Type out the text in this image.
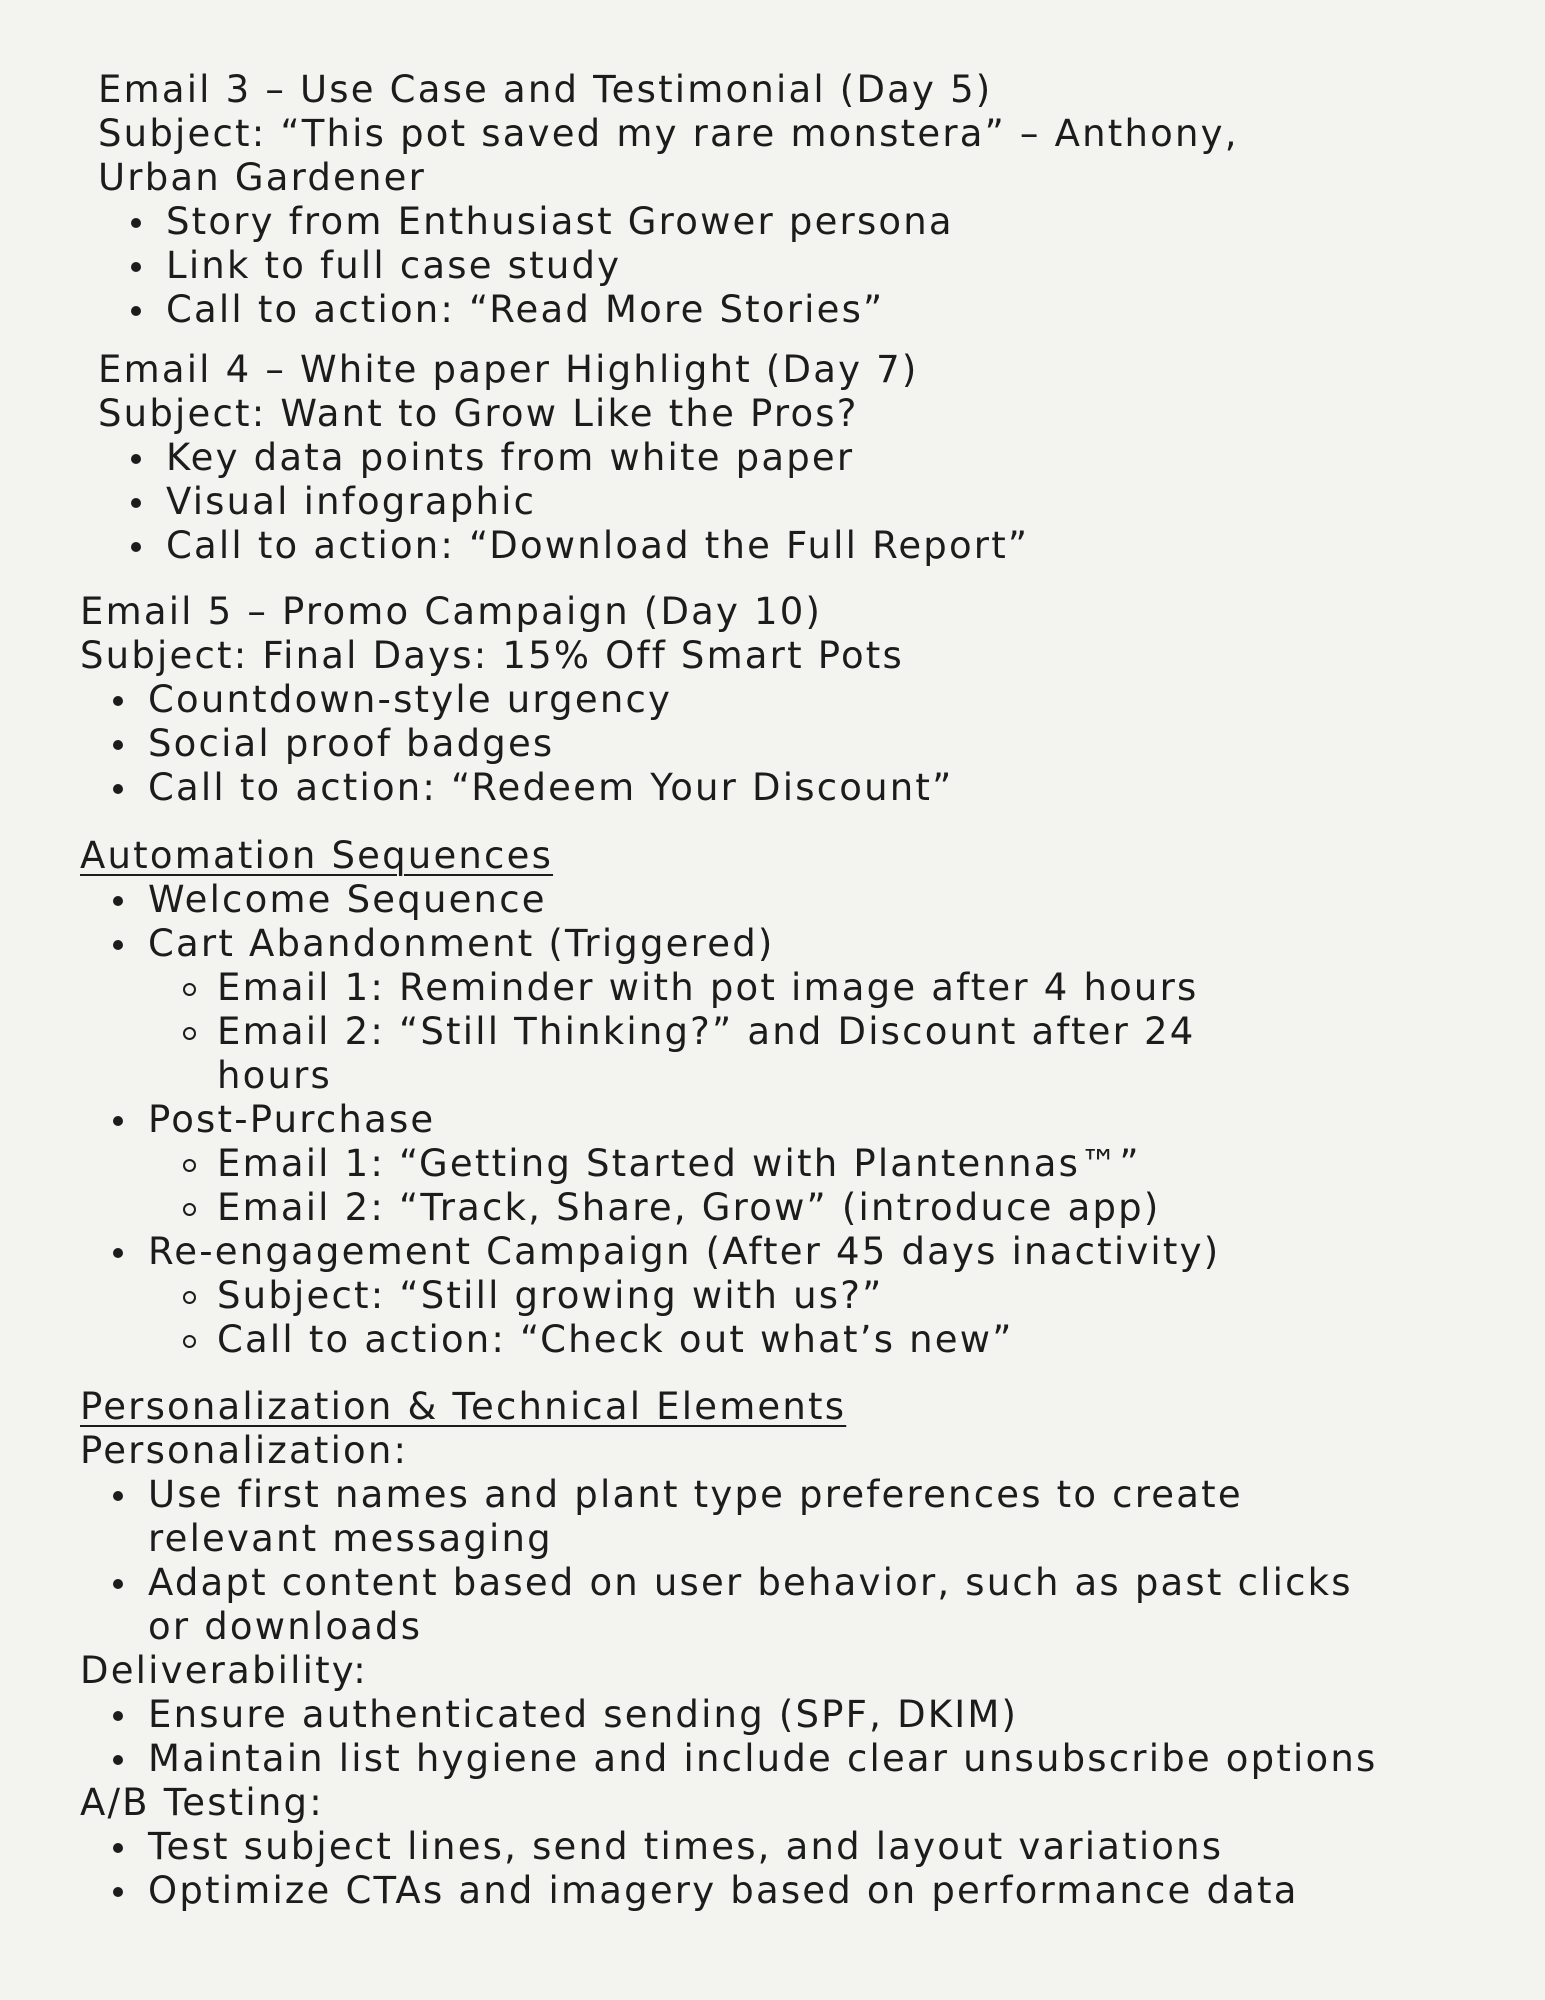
Email 3 – Use Case and Testimonial (Day 5)

Subject: “This pot saved my rare monstera” – Anthony,

Urban Gardener

Story from Enthusiast Grower persona
Link to full case study
Call to action: “Read More Stories”

Email 4 – White paper Highlight (Day 7)

Subject: Want to Grow Like the Pros?

Key data points from white paper
Visual infographic
Call to action: “Download the Full Report”

Email 5 – Promo Campaign (Day 10)

Subject: Final Days: 15% Off Smart Pots

Countdown-style urgency
Social proof badges
Call to action: “Redeem Your Discount”

Automation Sequences

Welcome Sequence
Cart Abandonment (Triggered)
Email 1: Reminder with pot image after 4 hours
Email 2: “Still Thinking?” and Discount after 24

hours

Post-Purchase
Email 1: “Getting Started with Plantennas™”
Email 2: “Track, Share, Grow” (introduce app)
Re-engagement Campaign (After 45 days inactivity)
Subject: “Still growing with us?”
Call to action: “Check out what’s new”

Personalization & Technical Elements

Personalization:

Use first names and plant type preferences to create relevant messaging
Adapt content based on user behavior, such as past clicks or downloads

Deliverability:

Ensure authenticated sending (SPF, DKIM)
Maintain list hygiene and include clear unsubscribe options

A/B Testing:

Test subject lines, send times, and layout variations
Optimize CTAs and imagery based on performance data
